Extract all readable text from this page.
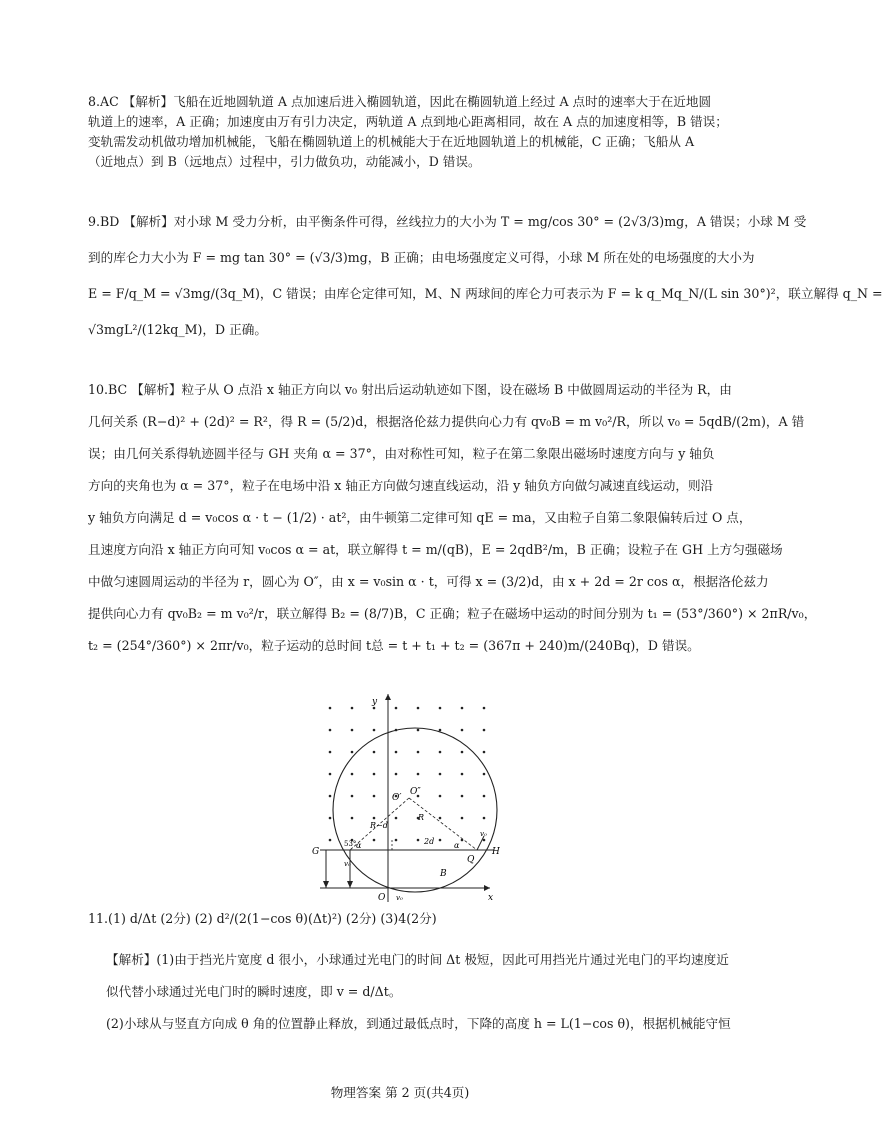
8.AC 【解析】飞船在近地圆轨道 A 点加速后进入椭圆轨道，因此在椭圆轨道上经过 A 点时的速率大于在近地圆
轨道上的速率，A 正确；加速度由万有引力决定，两轨道 A 点到地心距离相同，故在 A 点的加速度相等，B 错误；
变轨需发动机做功增加机械能，飞船在椭圆轨道上的机械能大于在近地圆轨道上的机械能，C 正确；飞船从 A
（近地点）到 B（远地点）过程中，引力做负功，动能减小，D 错误。
9.BD 【解析】对小球 M 受力分析，由平衡条件可得，丝线拉力的大小为 T = mg/cos 30° = (2√3/3)mg，A 错误；小球 M 受
到的库仑力大小为 F = mg tan 30° = (√3/3)mg，B 正确；由电场强度定义可得，小球 M 所在处的电场强度的大小为
E = F/q_M = √3mg/(3q_M)，C 错误；由库仑定律可知，M、N 两球间的库仑力可表示为 F = k q_Mq_N/(L sin 30°)²，联立解得 q_N =
√3mgL²/(12kq_M)，D 正确。
10.BC 【解析】粒子从 O 点沿 x 轴正方向以 v₀ 射出后运动轨迹如下图，设在磁场 B 中做圆周运动的半径为 R，由
几何关系 (R−d)² + (2d)² = R²，得 R = (5/2)d，根据洛伦兹力提供向心力有 qv₀B = m v₀²/R，所以 v₀ = 5qdB/(2m)，A 错
误；由几何关系得轨迹圆半径与 GH 夹角 α = 37°，由对称性可知，粒子在第二象限出磁场时速度方向与 y 轴负
方向的夹角也为 α = 37°，粒子在电场中沿 x 轴正方向做匀速直线运动，沿 y 轴负方向做匀减速直线运动，则沿
y 轴负方向满足 d = v₀cos α · t − (1/2) · at²，由牛顿第二定律可知 qE = ma，又由粒子自第二象限偏转后过 O 点，
且速度方向沿 x 轴正方向可知 v₀cos α = at，联立解得 t = m/(qB)，E = 2qdB²/m，B 正确；设粒子在 GH 上方匀强磁场
中做匀速圆周运动的半径为 r，圆心为 O″，由 x = v₀sin α · t，可得 x = (3/2)d，由 x + 2d = 2r cos α，根据洛伦兹力
提供向心力有 qv₀B₂ = m v₀²/r，联立解得 B₂ = (8/7)B，C 正确；粒子在磁场中运动的时间分别为 t₁ = (53°/360°) × 2πR/v₀，
t₂ = (254°/360°) × 2πr/v₀，粒子运动的总时间 t总 = t + t₁ + t₂ = (367π + 240)m/(240Bq)，D 错误。
y
x
O
O′
O″
G	H
Q
B
R
R−d
2d
α	α
53°
v₀
v₀
v₀
11.(1) d/Δt (2分) (2) d²/(2(1−cos θ)(Δt)²) (2分) (3)4(2分)
【解析】(1)由于挡光片宽度 d 很小，小球通过光电门的时间 Δt 极短，因此可用挡光片通过光电门的平均速度近
似代替小球通过光电门时的瞬时速度，即 v = d/Δt。
(2)小球从与竖直方向成 θ 角的位置静止释放，到通过最低点时，下降的高度 h = L(1−cos θ)，根据机械能守恒
物理答案 第 2 页(共4页)
